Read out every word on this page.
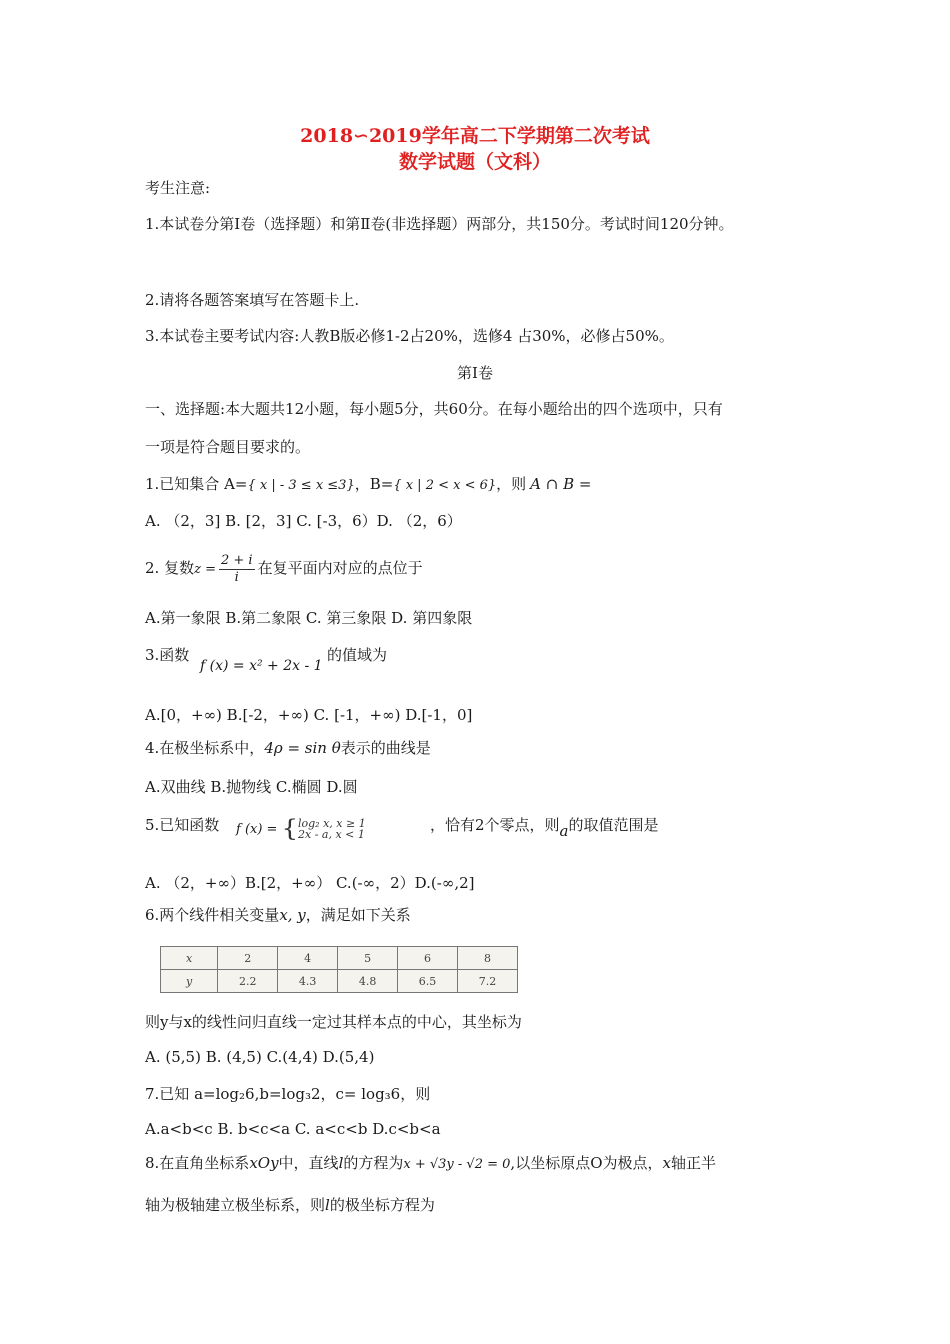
2018∽2019学年高二下学期第二次考试
数学试题（文科）
考生注意:
1.本试卷分第Ⅰ卷（选择题）和第Ⅱ卷(非选择题）两部分，共150分。考试时间120分钟。
2.请将各题答案填写在答题卡上.
3.本试卷主要考试内容:人教B版必修1-2占20%，选修4 占30%，必修占50%。
第Ⅰ卷
一、选择题:本大题共12小题，每小题5分，共60分。在每小题给出的四个选项中，只有
一项是符合题目要求的。
1.已知集合 A={ x | - 3 ≤ x ≤3}，B={ x | 2 < x < 6}，则 A ∩ B =
A. （2，3] B. [2，3] C. [-3，6）D. （2，6）
2. 复数$z = \frac{2 + i}{i}$ 在复平面内对应的点位于
A.第一象限 B.第二象限 C. 第三象限 D. 第四象限
3.函数
f (x) = x² + 2x - 1
的值域为
A.[0，+∞) B.[-2，+∞) C. [-1，+∞) D.[-1，0]
4.在极坐标系中，4ρ = sin θ表示的曲线是
A.双曲线 B.抛物线 C.椭圆 D.圆
5.已知函数 f (x) = { log₂ x, x ≥ 1
2x - a, x < 1
，恰有2个零点，则a的取值范围是
A. （2，+∞）B.[2，+∞） C.(-∞，2）D.(-∞,2]
6.两个线件相关变量x, y，满足如下关系
x	2	4	5	6	8
y	2.2	4.3	4.8	6.5	7.2
则y与x的线性问归直线一定过其样本点的中心，其坐标为
A. (5,5) B. (4,5) C.(4,4) D.(5,4)
7.已知 a=log₂6,b=log₃2，c= log₃6，则
A.a<b<c B. b<c<a C. a<c<b D.c<b<a
8.在直角坐标系xOy中，直线l的方程为x + √3y - √2 = 0,以坐标原点O为极点，x轴正半
轴为极轴建立极坐标系，则l的极坐标方程为
